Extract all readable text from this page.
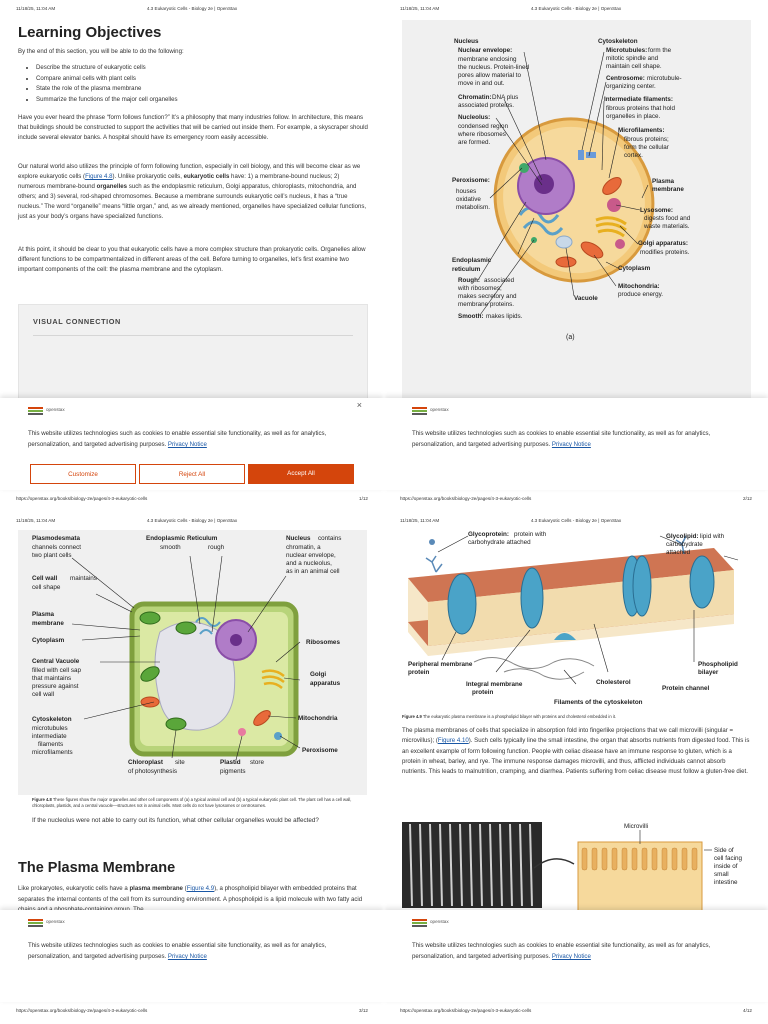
11/18/25, 11:04 AM	4.3 Eukaryotic Cells - Biology 2e | OpenStax
Learning Objectives
By the end of this section, you will be able to do the following:
• Describe the structure of eukaryotic cells
• Compare animal cells with plant cells
• State the role of the plasma membrane
• Summarize the functions of the major cell organelles
Have you ever heard the phrase “form follows function?” It’s a philosophy that many industries follow. In architecture, this means that buildings should be constructed to support the activities that will be carried out inside them. For example, a skyscraper should include several elevator banks. A hospital should have its emergency room easily accessible.
Our natural world also utilizes the principle of form following function, especially in cell biology, and this will become clear as we explore eukaryotic cells (Figure 4.8). Unlike prokaryotic cells, eukaryotic cells have: 1) a membrane-bound nucleus; 2) numerous membrane-bound organelles such as the endoplasmic reticulum, Golgi apparatus, chloroplasts, mitochondria, and others; and 3) several, rod-shaped chromosomes. Because a membrane surrounds eukaryotic cell’s nucleus, it has a “true nucleus.” The word “organelle” means “little organ,” and, as we already mentioned, organelles have specialized cellular functions, just as your body’s organs have specialized functions.
At this point, it should be clear to you that eukaryotic cells have a more complex structure than prokaryotic cells. Organelles allow different functions to be compartmentalized in different areas of the cell. Before turning to organelles, let’s first examine two important components of the cell: the plasma membrane and the cytoplasm.
VISUAL CONNECTION
openstax	×
This website utilizes technologies such as cookies to enable essential site functionality, as well as for analytics, personalization, and targeted advertising purposes. Privacy Notice
Customize	Reject All	Accept All
https://openstax.org/books/biology-2e/pages/4-3-eukaryotic-cells	1/12
11/18/25, 11:04 AM	4.3 Eukaryotic Cells - Biology 2e | OpenStax
Nucleus
Nuclear envelope:
membrane enclosing
the nucleus. Protein-lined
pores allow material to
move in and out.
Chromatin: DNA plus
associated proteins.
Nucleolus:
condensed region
where ribosomes
are formed.
Peroxisome:
houses
oxidative
metabolism.
Endoplasmic
reticulum
Rough: associated
with ribosomes;
makes secretory and
membrane proteins.
Smooth: makes lipids.
Vacuole
Cytoskeleton
Microtubules: form the
mitotic spindle and
maintain cell shape.
Centrosome: microtubule-
organizing center.
Intermediate filaments:
fibrous proteins that hold
organelles in place.
Microfilaments:
fibrous proteins;
form the cellular
cortex.
Plasma
membrane
Lysosome:
digests food and
waste materials.
Golgi apparatus:
modifies proteins.
Cytoplasm
Mitochondria:
produce energy.
(a)
openstax
This website utilizes technologies such as cookies to enable essential site functionality, as well as for analytics, personalization, and targeted advertising purposes. Privacy Notice
https://openstax.org/books/biology-2e/pages/4-3-eukaryotic-cells	2/12
11/18/25, 11:04 AM	4.3 Eukaryotic Cells - Biology 2e | OpenStax
Plasmodesmata
channels connect
two plant cells
Cell wall maintains
cell shape
Plasma
membrane
Cytoplasm
Central Vacuole
filled with cell sap
that maintains
pressure against
cell wall
Cytoskeleton
microtubules
intermediate
filaments
microfilaments
Chloroplast site
of photosynthesis
Plastid store
pigments
Endoplasmic Reticulum
smooth	rough
Nucleus contains
chromatin, a
nuclear envelope,
and a nucleolus,
as in an animal cell
Ribosomes
Golgi
apparatus
Mitochondria
Peroxisome
Figure 4.8 These figures show the major organelles and other cell components of (a) a typical animal cell and (b) a typical eukaryotic plant cell. The plant cell has a cell wall, chloroplasts, plastids, and a central vacuole—structures not in animal cells. Most cells do not have lysosomes or centrosomes.
If the nucleolus were not able to carry out its function, what other cellular organelles would be affected?
The Plasma Membrane
Like prokaryotes, eukaryotic cells have a plasma membrane (Figure 4.9), a phospholipid bilayer with embedded proteins that separates the internal contents of the cell from its surrounding environment. A phospholipid is a lipid molecule with two fatty acid
openstax
This website utilizes technologies such as cookies to enable essential site functionality, as well as for analytics, personalization, and targeted advertising purposes. Privacy Notice
https://openstax.org/books/biology-2e/pages/4-3-eukaryotic-cells	3/12
11/18/25, 11:04 AM	4.3 Eukaryotic Cells - Biology 2e | OpenStax
Glycoprotein: protein with
carbohydrate attached
Glycolipid: lipid with
carbohydrate
attached
Peripheral membrane
protein
Integral membrane
protein
Cholesterol
Phospholipid
bilayer
Protein channel
Filaments of the cytoskeleton
Microvilli
Side of
cell facing
inside of
small
intestine
Figure 4.9 The eukaryotic plasma membrane is a phospholipid bilayer with proteins and cholesterol embedded in it.
The plasma membranes of cells that specialize in absorption fold into fingerlike projections that we call microvilli (singular = microvillus); (Figure 4.10). Such cells typically line the small intestine, the organ that absorbs nutrients from digested food. This is an excellent example of form following function. People with celiac disease have an immune response to gluten, which is a protein in wheat, barley, and rye. The immune response damages microvilli, and thus, afflicted individuals cannot absorb nutrients. This leads to malnutrition, cramping, and diarrhea. Patients suffering from celiac disease must follow a gluten-free diet.
openstax
This website utilizes technologies such as cookies to enable essential site functionality, as well as for analytics, personalization, and targeted advertising purposes. Privacy Notice
https://openstax.org/books/biology-2e/pages/4-3-eukaryotic-cells	4/12
